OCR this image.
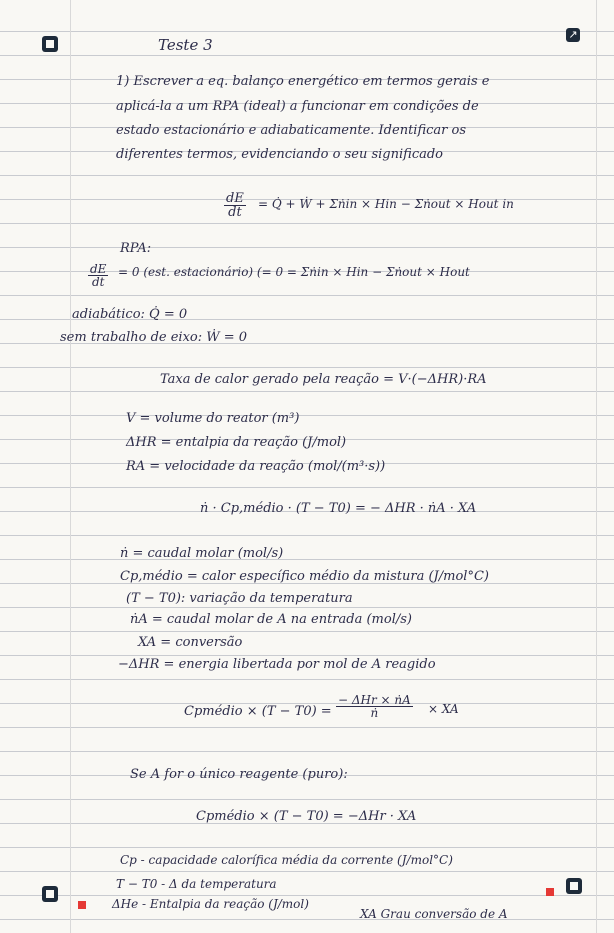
↗
Teste 3
1) Escrever a eq. balanço energético em termos gerais e
aplicá-la a um RPA (ideal) a funcionar em condições de
estado estacionário e adiabaticamente. Identificar os
diferentes termos, evidenciando o seu significado
$\frac{dE}{dt}$ = Q̇ + Ẇ + Σṅin × Hin − Σṅout × Hout in
RPA:
$\frac{dE}{dt} = 0$ (est. estacionário) (= 0 = Σṅin × Hin − Σṅout × Hout
adiabático: Q̇ = 0
sem trabalho de eixo: Ẇ = 0
Taxa de calor gerado pela reação = V·(−ΔHR)·RA
V = volume do reator (m³)
ΔHR = entalpia da reação (J/mol)
RA = velocidade da reação (mol/(m³·s))
ṅ · Cp,médio · (T − T0) = − ΔHR · ṅA · XA
ṅ = caudal molar (mol/s)
Cp,médio = calor específico médio da mistura (J/mol°C)
(T − T0): variação da temperatura
ṅA = caudal molar de A na entrada (mol/s)
XA = conversão
−ΔHR = energia libertada por mol de A reagido
Cpmédio × (T − T0) =
− ΔHr × ṅA
ṅ	× XA
Se A for o único reagente (puro):
Cpmédio × (T − T0) = −ΔHr · XA
Cp - capacidade calorífica média da corrente (J/mol°C)
T − T0 - Δ da temperatura
ΔHe - Entalpia da reação (J/mol)
XA Grau conversão de A
